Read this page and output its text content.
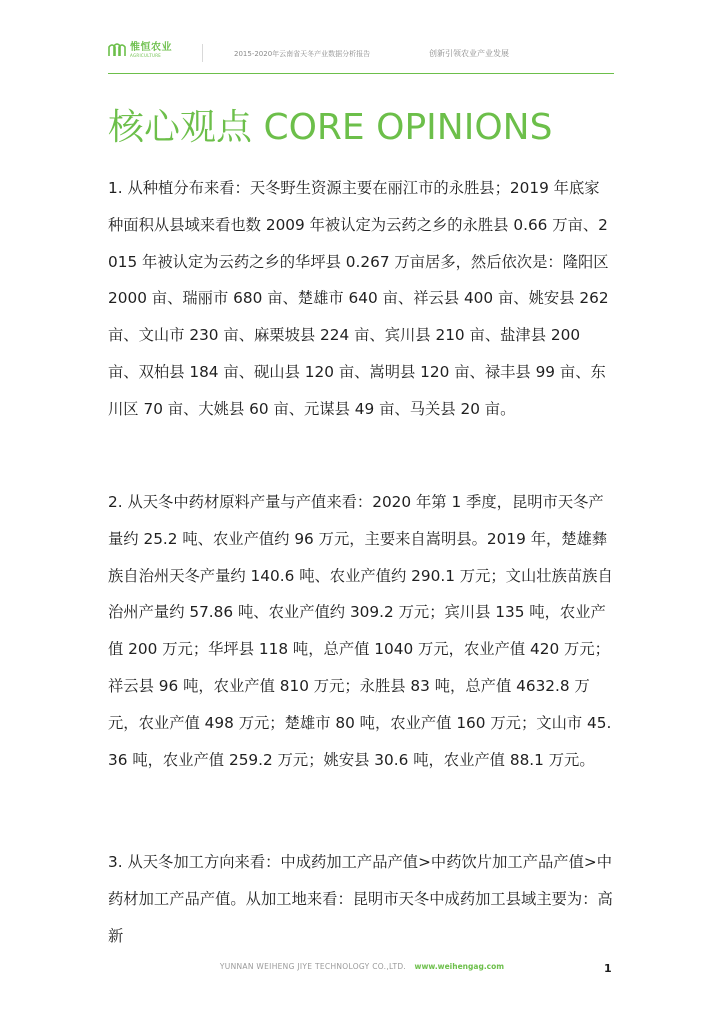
惟恒农业
AGRICULTURE	2015-2020年云南省天冬产业数据分析报告	创新引领农业产业发展
核心观点 CORE OPINIONS

1. 从种植分布来看：天冬野生资源主要在丽江市的永胜县；2019 年底家种面积从县域来看也数 2009 年被认定为云药之乡的永胜县 0.66 万亩、2015 年被认定为云药之乡的华坪县 0.267 万亩居多，然后依次是：隆阳区 2000 亩、瑞丽市 680 亩、楚雄市 640 亩、祥云县 400 亩、姚安县 262 亩、文山市 230 亩、麻栗坡县 224 亩、宾川县 210 亩、盐津县 200 亩、双柏县 184 亩、砚山县 120 亩、嵩明县 120 亩、禄丰县 99 亩、东川区 70 亩、大姚县 60 亩、元谋县 49 亩、马关县 20 亩。

2. 从天冬中药材原料产量与产值来看：2020 年第 1 季度，昆明市天冬产量约 25.2 吨、农业产值约 96 万元，主要来自嵩明县。2019 年，楚雄彝族自治州天冬产量约 140.6 吨、农业产值约 290.1 万元；文山壮族苗族自治州产量约 57.86 吨、农业产值约 309.2 万元；宾川县 135 吨，农业产值 200 万元；华坪县 118 吨，总产值 1040 万元，农业产值 420 万元；祥云县 96 吨，农业产值 810 万元；永胜县 83 吨，总产值 4632.8 万元，农业产值 498 万元；楚雄市 80 吨，农业产值 160 万元；文山市 45.36 吨，农业产值 259.2 万元；姚安县 30.6 吨，农业产值 88.1 万元。

3. 从天冬加工方向来看：中成药加工产品产值>中药饮片加工产品产值>中药材加工产品产值。从加工地来看：昆明市天冬中成药加工县域主要为：高新

YUNNAN WEIHENG JIYE TECHNOLOGY CO.,LTD. www.weihengag.com	1
